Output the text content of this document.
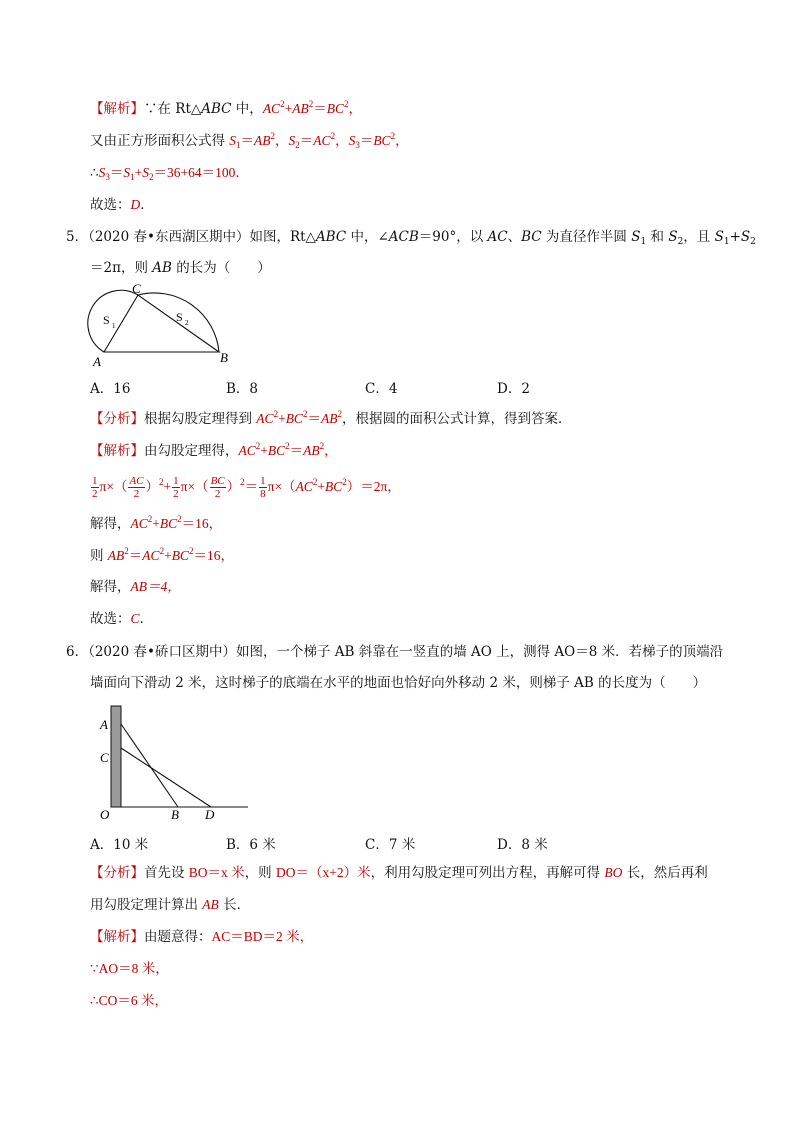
【解析】∵在 Rt△ABC 中，$AC^2+AB^2=BC^2$，
又由正方形面积公式得 $S_1=AB^2$，$S_2=AC^2$，$S_3=BC^2$，
$\therefore S_3=S_1+S_2=36+64=100$．
故选：D．
5．（2020 春•东西湖区期中）如图，Rt△ABC 中，∠ACB＝90°，以 AC、BC 为直径作半圆 $S_1$ 和 $S_2$，且 $S_1+S_2$
＝2π，则 AB 的长为（　　）
A	B
C
S 1
S 2
A．16	B．8	C．4	D．2
【分析】根据勾股定理得到 $AC^2+BC^2=AB^2$，根据圆的面积公式计算，得到答案．
【解析】由勾股定理得，$AC^2+BC^2=AB^2$，
$\frac{1}{2} \pi\times( \frac{AC}{2} )^2+ \frac{1}{2} \pi\times( \frac{BC}{2} )^2= \frac{1}{8} \pi\times(AC^2+BC^2)=2\pi$，
解得，$AC^2+BC^2=16$，
则 $AB^2=AC^2+BC^2=16$，
解得，AB＝4，
故选：C．
6．（2020 春•硚口区期中）如图，一个梯子 AB 斜靠在一竖直的墙 AO 上，测得 AO＝8 米．若梯子的顶端沿
墙面向下滑动 2 米，这时梯子的底端在水平的地面也恰好向外移动 2 米，则梯子 AB 的长度为（　　）
A
C
O	B D
A．10 米	B．6 米	C．7 米	D．8 米
【分析】首先设 BO＝x 米，则 DO＝（x+2）米，利用勾股定理可列出方程，再解可得 BO 长，然后再利
用勾股定理计算出 AB 长．
【解析】由题意得：AC＝BD＝2 米，
∵AO＝8 米，
∴CO＝6 米，
